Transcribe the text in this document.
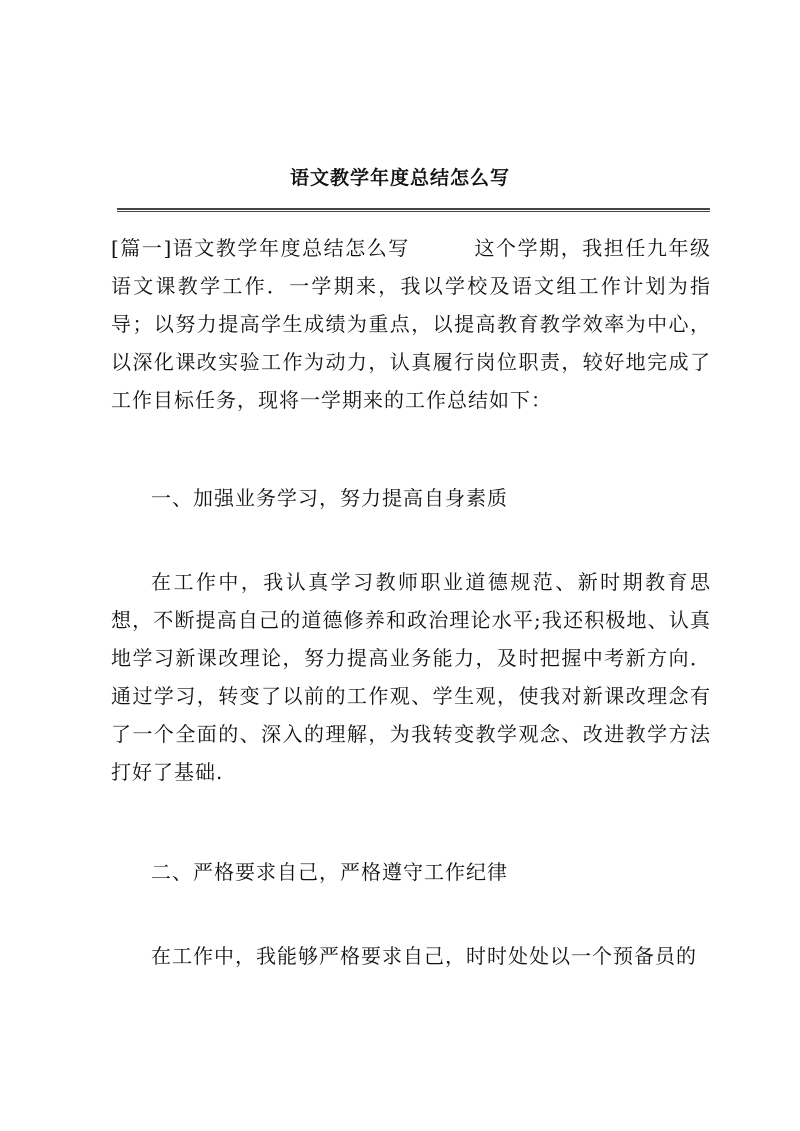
语文教学年度总结怎么写

[篇一]语文教学年度总结怎么写　　　这个学期，我担任九年级语文课教学工作．一学期来，我以学校及语文组工作计划为指导；以努力提高学生成绩为重点，以提高教育教学效率为中心，以深化课改实验工作为动力，认真履行岗位职责，较好地完成了工作目标任务，现将一学期来的工作总结如下：

一、加强业务学习，努力提高自身素质

在工作中，我认真学习教师职业道德规范、新时期教育思想，不断提高自己的道德修养和政治理论水平;我还积极地、认真地学习新课改理论，努力提高业务能力，及时把握中考新方向．通过学习，转变了以前的工作观、学生观，使我对新课改理念有了一个全面的、深入的理解，为我转变教学观念、改进教学方法打好了基础.

二、严格要求自己，严格遵守工作纪律

在工作中，我能够严格要求自己，时时处处以一个预备员的
